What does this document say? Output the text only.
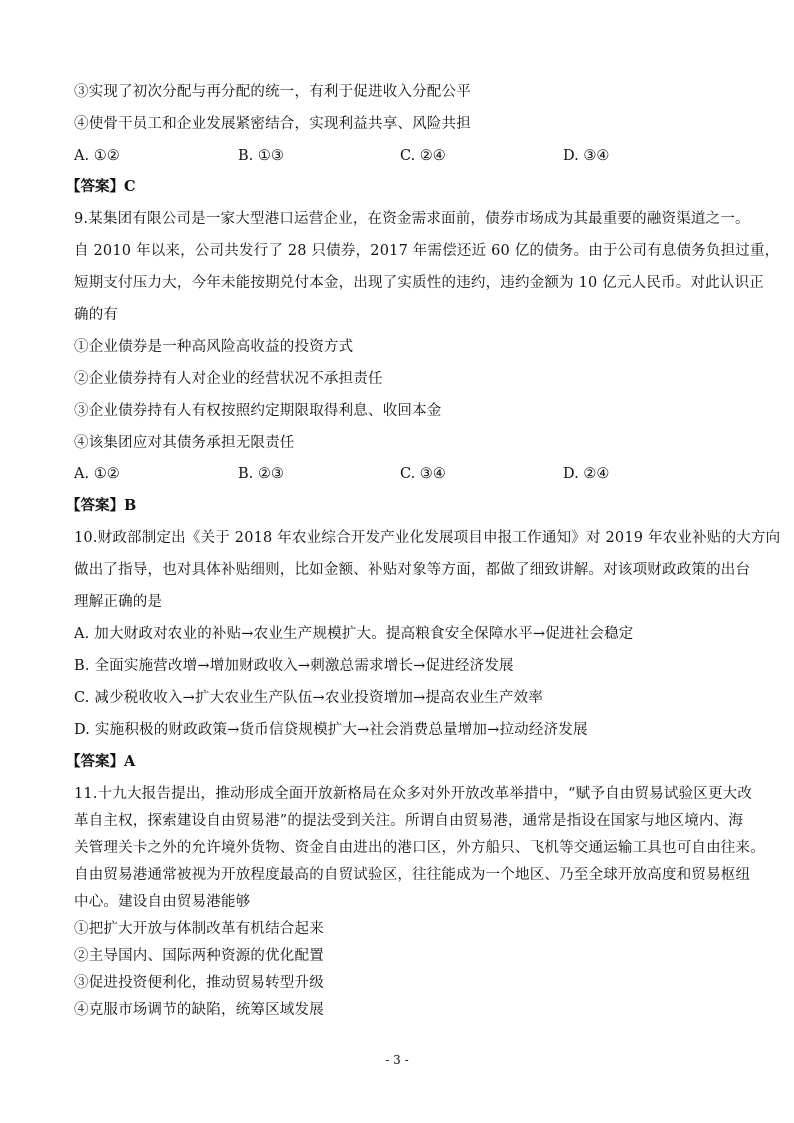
③实现了初次分配与再分配的统一，有利于促进收入分配公平
④使骨干员工和企业发展紧密结合，实现利益共享、风险共担
A. ①②	B. ①③	C. ②④	D. ③④
【答案】C
9.某集团有限公司是一家大型港口运营企业，在资金需求面前，债券市场成为其最重要的融资渠道之一。
自 2010 年以来，公司共发行了 28 只债券，2017 年需偿还近 60 亿的债务。由于公司有息债务负担过重，
短期支付压力大，今年未能按期兑付本金，出现了实质性的违约，违约金额为 10 亿元人民币。对此认识正
确的有
①企业债券是一种高风险高收益的投资方式
②企业债券持有人对企业的经营状况不承担责任
③企业债券持有人有权按照约定期限取得利息、收回本金
④该集团应对其债务承担无限责任
A. ①②	B. ②③	C. ③④	D. ②④
【答案】B
10.财政部制定出《关于 2018 年农业综合开发产业化发展项目申报工作通知》对 2019 年农业补贴的大方向
做出了指导，也对具体补贴细则，比如金额、补贴对象等方面，都做了细致讲解。对该项财政政策的出台
理解正确的是
A. 加大财政对农业的补贴→农业生产规模扩大。提高粮食安全保障水平→促进社会稳定
B. 全面实施营改增→增加财政收入→刺激总需求增长→促进经济发展
C. 减少税收收入→扩大农业生产队伍→农业投资增加→提高农业生产效率
D. 实施积极的财政政策→货币信贷规模扩大→社会消费总量增加→拉动经济发展
【答案】A
11.十九大报告提出，推动形成全面开放新格局在众多对外开放改革举措中，“赋予自由贸易试验区更大改
革自主权，探索建设自由贸易港”的提法受到关注。所谓自由贸易港，通常是指设在国家与地区境内、海
关管理关卡之外的允许境外货物、资金自由进出的港口区，外方船只、飞机等交通运输工具也可自由往来。
自由贸易港通常被视为开放程度最高的自贸试验区，往往能成为一个地区、乃至全球开放高度和贸易枢纽
中心。建设自由贸易港能够
①把扩大开放与体制改革有机结合起来
②主导国内、国际两种资源的优化配置
③促进投资便利化，推动贸易转型升级
- 3 -
④克服市场调节的缺陷，统筹区域发展
